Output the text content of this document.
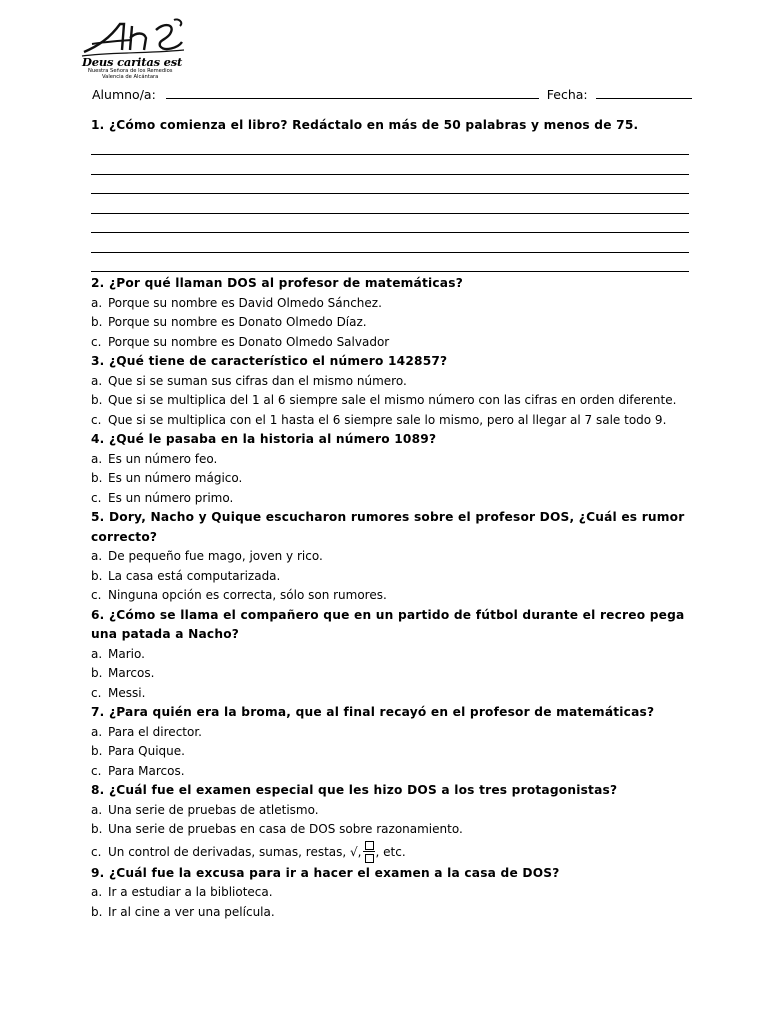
Deus caritas est
Nuestra Señora de los Remedios
Valencia de Alcántara
Alumno/a:	Fecha:
1. ¿Cómo comienza el libro? Redáctalo en más de 50 palabras y menos de 75.
2. ¿Por qué llaman DOS al profesor de matemáticas?
a. Porque su nombre es David Olmedo Sánchez.
b. Porque su nombre es Donato Olmedo Díaz.
c. Porque su nombre es Donato Olmedo Salvador
3. ¿Qué tiene de característico el número 142857?
a. Que si se suman sus cifras dan el mismo número.
b. Que si se multiplica del 1 al 6 siempre sale el mismo número con las cifras en orden diferente.
c. Que si se multiplica con el 1 hasta el 6 siempre sale lo mismo, pero al llegar al 7 sale todo 9.
4. ¿Qué le pasaba en la historia al número 1089?
a. Es un número feo.
b. Es un número mágico.
c. Es un número primo.
5. Dory, Nacho y Quique escucharon rumores sobre el profesor DOS, ¿Cuál es rumor correcto?
a. De pequeño fue mago, joven y rico.
b. La casa está computarizada.
c. Ninguna opción es correcta, sólo son rumores.
6. ¿Cómo se llama el compañero que en un partido de fútbol durante el recreo pega una patada a Nacho?
a. Mario.
b. Marcos.
c. Messi.
7. ¿Para quién era la broma, que al final recayó en el profesor de matemáticas?
a. Para el director.
b. Para Quique.
c. Para Marcos.
8. ¿Cuál fue el examen especial que les hizo DOS a los tres protagonistas?
a. Una serie de pruebas de atletismo.
b. Una serie de pruebas en casa de DOS sobre razonamiento.
c. Un control de derivadas, sumas, restas, √, , etc.
9. ¿Cuál fue la excusa para ir a hacer el examen a la casa de DOS?
a. Ir a estudiar a la biblioteca.
b. Ir al cine a ver una película.
